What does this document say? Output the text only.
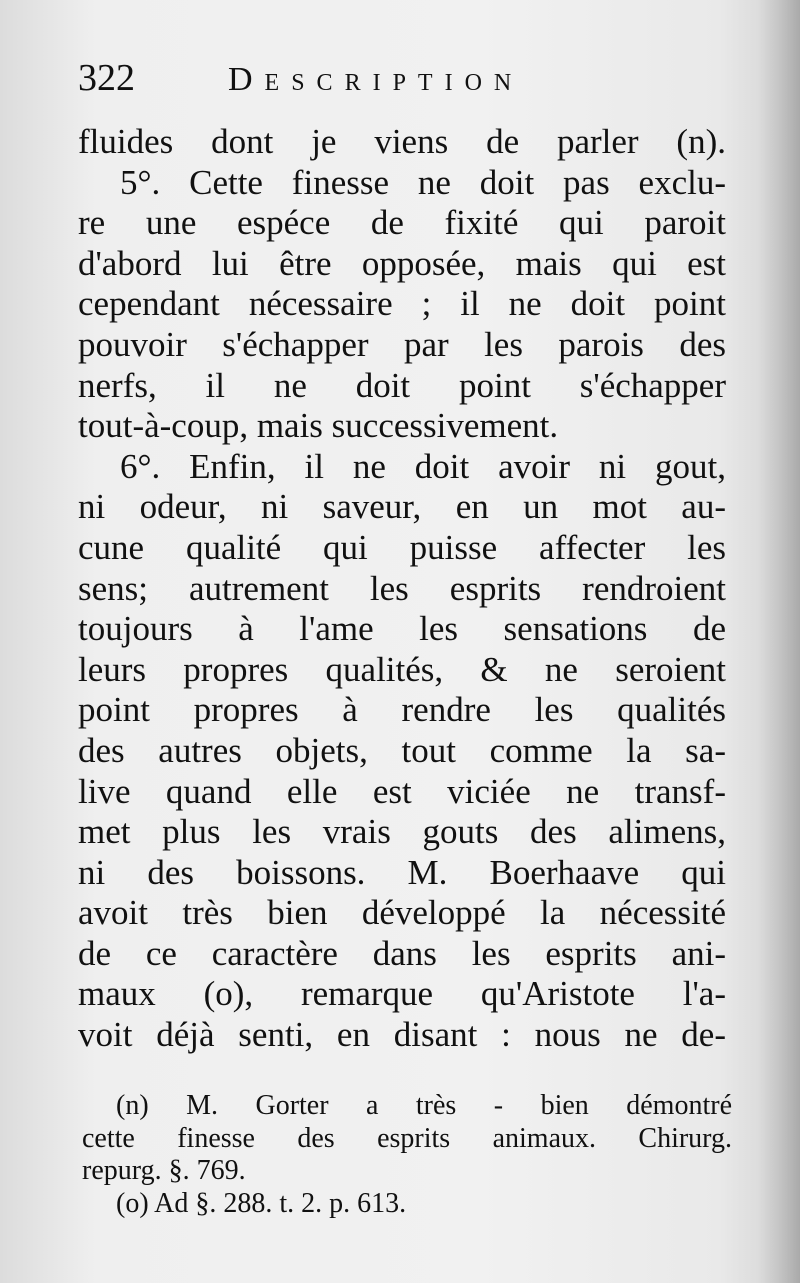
322	Description
fluides dont je viens de parler (n).
5°. Cette finesse ne doit pas exclu-
re une espéce de fixité qui paroit
d'abord lui être opposée, mais qui est
cependant nécessaire ; il ne doit point
pouvoir s'échapper par les parois des
nerfs, il ne doit point s'échapper
tout-à-coup, mais successivement.
6°. Enfin, il ne doit avoir ni gout,
ni odeur, ni saveur, en un mot au-
cune qualité qui puisse affecter les
sens; autrement les esprits rendroient
toujours à l'ame les sensations de
leurs propres qualités, & ne seroient
point propres à rendre les qualités
des autres objets, tout comme la sa-
live quand elle est viciée ne transf-
met plus les vrais gouts des alimens,
ni des boissons. M. Boerhaave qui
avoit très bien développé la nécessité
de ce caractère dans les esprits ani-
maux (o), remarque qu'Aristote l'a-
voit déjà senti, en disant : nous ne de-
(n) M. Gorter a très - bien démontré
cette finesse des esprits animaux. Chirurg.
repurg. §. 769.
(o) Ad §. 288. t. 2. p. 613.
